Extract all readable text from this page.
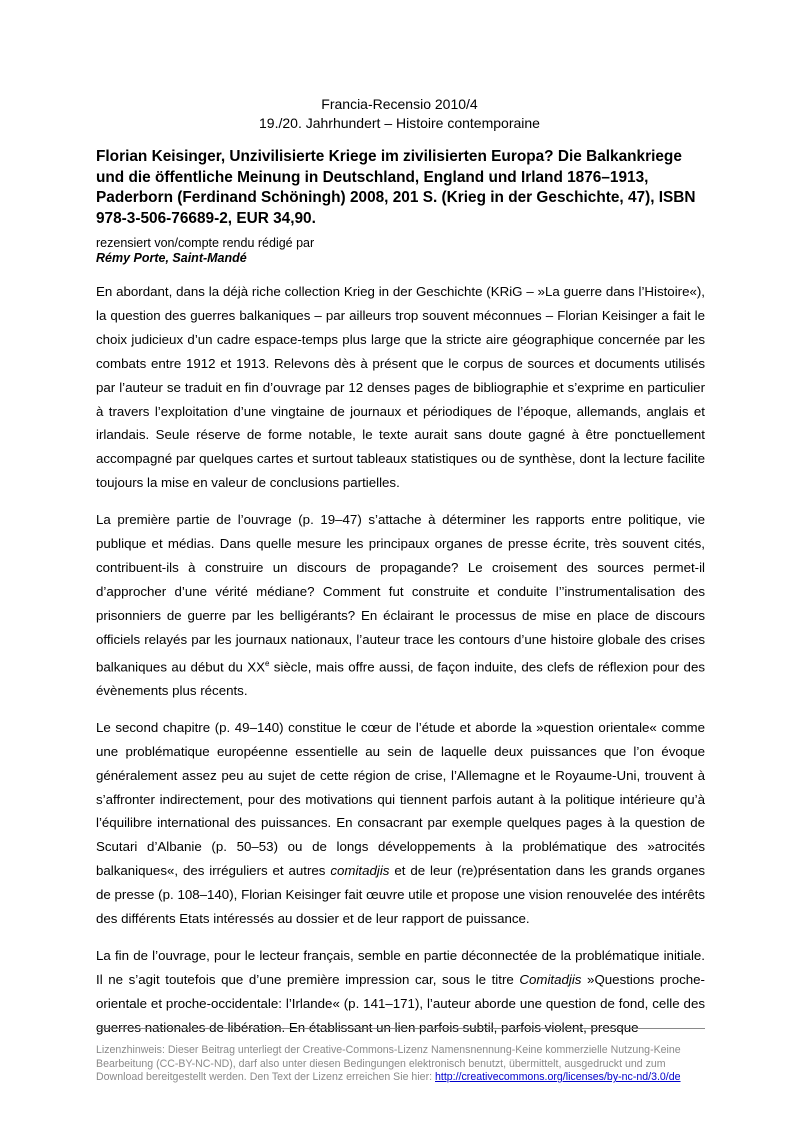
Francia-Recensio 2010/4
19./20. Jahrhundert – Histoire contemporaine
Florian Keisinger, Unzivilisierte Kriege im zivilisierten Europa? Die Balkankriege und die öffentliche Meinung in Deutschland, England und Irland 1876–1913, Paderborn (Ferdinand Schöningh) 2008, 201 S. (Krieg in der Geschichte, 47), ISBN 978-3-506-76689-2, EUR 34,90.
rezensiert von/compte rendu rédigé par
Rémy Porte, Saint-Mandé

En abordant, dans la déjà riche collection Krieg in der Geschichte (KRiG – »La guerre dans l’Histoire«), la question des guerres balkaniques – par ailleurs trop souvent méconnues – Florian Keisinger a fait le choix judicieux d’un cadre espace-temps plus large que la stricte aire géographique concernée par les combats entre 1912 et 1913. Relevons dès à présent que le corpus de sources et documents utilisés par l’auteur se traduit en fin d’ouvrage par 12 denses pages de bibliographie et s’exprime en particulier à travers l’exploitation d’une vingtaine de journaux et périodiques de l’époque, allemands, anglais et irlandais. Seule réserve de forme notable, le texte aurait sans doute gagné à être ponctuellement accompagné par quelques cartes et surtout tableaux statistiques ou de synthèse, dont la lecture facilite toujours la mise en valeur de conclusions partielles.

La première partie de l’ouvrage (p. 19–47) s’attache à déterminer les rapports entre politique, vie publique et médias. Dans quelle mesure les principaux organes de presse écrite, très souvent cités, contribuent-ils à construire un discours de propagande? Le croisement des sources permet-il d’approcher d’une vérité médiane? Comment fut construite et conduite l’’instrumentalisation des prisonniers de guerre par les belligérants? En éclairant le processus de mise en place de discours officiels relayés par les journaux nationaux, l’auteur trace les contours d’une histoire globale des crises balkaniques au début du XXe siècle, mais offre aussi, de façon induite, des clefs de réflexion pour des évènements plus récents.

Le second chapitre (p. 49–140) constitue le cœur de l’étude et aborde la »question orientale« comme une problématique européenne essentielle au sein de laquelle deux puissances que l’on évoque généralement assez peu au sujet de cette région de crise, l’Allemagne et le Royaume-Uni, trouvent à s’affronter indirectement, pour des motivations qui tiennent parfois autant à la politique intérieure qu’à l’équilibre international des puissances. En consacrant par exemple quelques pages à la question de Scutari d’Albanie (p. 50–53) ou de longs développements à la problématique des »atrocités balkaniques«, des irréguliers et autres comitadjis et de leur (re)présentation dans les grands organes de presse (p. 108–140), Florian Keisinger fait œuvre utile et propose une vision renouvelée des intérêts des différents Etats intéressés au dossier et de leur rapport de puissance.

La fin de l’ouvrage, pour le lecteur français, semble en partie déconnectée de la problématique initiale. Il ne s’agit toutefois que d’une première impression car, sous le titre Comitadjis »Questions proche-orientale et proche-occidentale: l’Irlande« (p. 141–171), l’auteur aborde une question de fond, celle des guerres nationales de libération. En établissant un lien parfois subtil, parfois violent, presque

Lizenzhinweis: Dieser Beitrag unterliegt der Creative-Commons-Lizenz Namensnennung-Keine kommerzielle Nutzung-Keine Bearbeitung (CC-BY-NC-ND), darf also unter diesen Bedingungen elektronisch benutzt, übermittelt, ausgedruckt und zum Download bereitgestellt werden. Den Text der Lizenz erreichen Sie hier: http://creativecommons.org/licenses/by-nc-nd/3.0/de
